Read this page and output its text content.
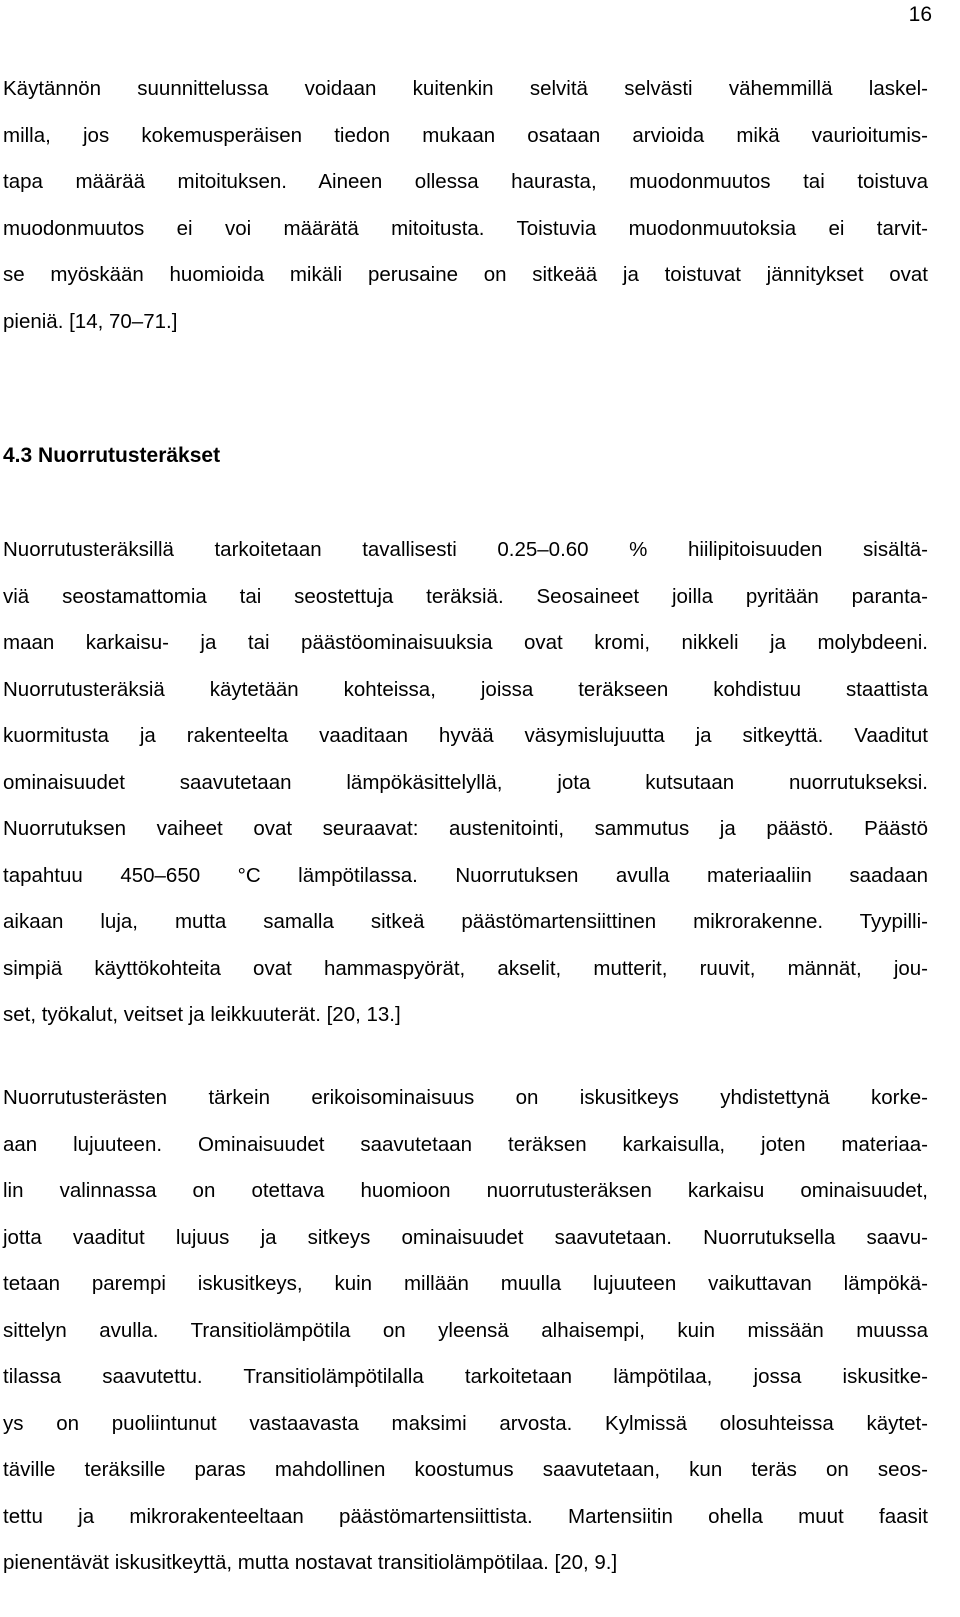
16
Käytännön suunnittelussa voidaan kuitenkin selvitä selvästi vähemmillä laskel-
milla, jos kokemusperäisen tiedon mukaan osataan arvioida mikä vaurioitumis-
tapa määrää mitoituksen. Aineen ollessa haurasta, muodonmuutos tai toistuva
muodonmuutos ei voi määrätä mitoitusta. Toistuvia muodonmuutoksia ei tarvit-
se myöskään huomioida mikäli perusaine on sitkeää ja toistuvat jännitykset ovat
pieniä. [14, 70–71.]
4.3 Nuorrutusteräkset
Nuorrutusteräksillä tarkoitetaan tavallisesti 0.25–0.60 % hiilipitoisuuden sisältä-
viä seostamattomia tai seostettuja teräksiä. Seosaineet joilla pyritään paranta-
maan karkaisu- ja tai päästöominaisuuksia ovat kromi, nikkeli ja molybdeeni.
Nuorrutusteräksiä käytetään kohteissa, joissa teräkseen kohdistuu staattista
kuormitusta ja rakenteelta vaaditaan hyvää väsymislujuutta ja sitkeyttä. Vaaditut
ominaisuudet saavutetaan lämpökäsittelyllä, jota kutsutaan nuorrutukseksi.
Nuorrutuksen vaiheet ovat seuraavat: austenitointi, sammutus ja päästö. Päästö
tapahtuu 450–650 °C lämpötilassa. Nuorrutuksen avulla materiaaliin saadaan
aikaan luja, mutta samalla sitkeä päästömartensiittinen mikrorakenne. Tyypilli-
simpiä käyttökohteita ovat hammaspyörät, akselit, mutterit, ruuvit, männät, jou-
set, työkalut, veitset ja leikkuuterät. [20, 13.]
Nuorrutusterästen tärkein erikoisominaisuus on iskusitkeys yhdistettynä korke-
aan lujuuteen. Ominaisuudet saavutetaan teräksen karkaisulla, joten materiaa-
lin valinnassa on otettava huomioon nuorrutusteräksen karkaisu ominaisuudet,
jotta vaaditut lujuus ja sitkeys ominaisuudet saavutetaan. Nuorrutuksella saavu-
tetaan parempi iskusitkeys, kuin millään muulla lujuuteen vaikuttavan lämpökä-
sittelyn avulla. Transitiolämpötila on yleensä alhaisempi, kuin missään muussa
tilassa saavutettu. Transitiolämpötilalla tarkoitetaan lämpötilaa, jossa iskusitke-
ys on puoliintunut vastaavasta maksimi arvosta. Kylmissä olosuhteissa käytet-
täville teräksille paras mahdollinen koostumus saavutetaan, kun teräs on seos-
tettu ja mikrorakenteeltaan päästömartensiittista. Martensiitin ohella muut faasit
pienentävät iskusitkeyttä, mutta nostavat transitiolämpötilaa. [20, 9.]
